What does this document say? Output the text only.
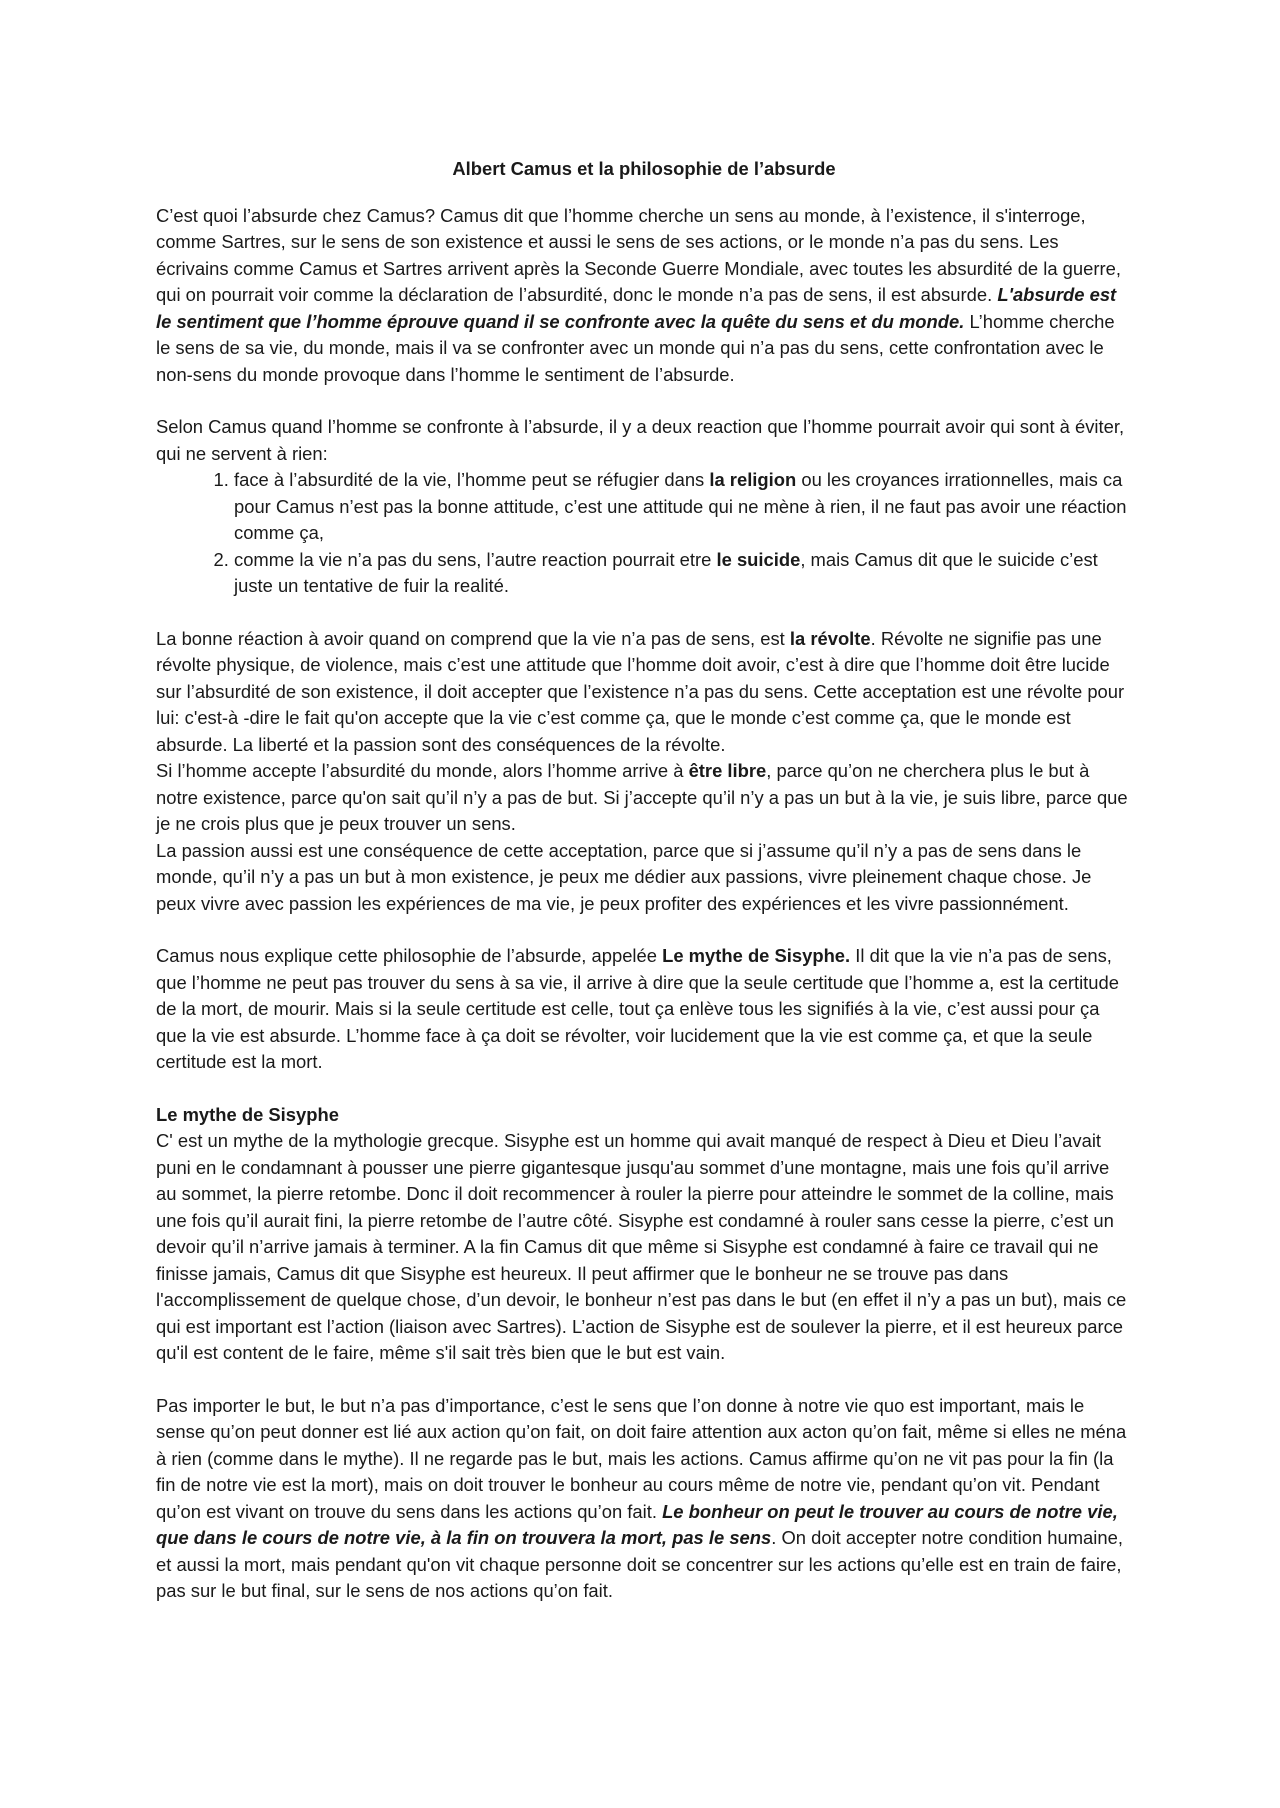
Albert Camus et la philosophie de l’absurde

C’est quoi l’absurde chez Camus? Camus dit que l’homme cherche un sens au monde, à l’existence, il s'interroge, comme Sartres, sur le sens de son existence et aussi le sens de ses actions, or le monde n’a pas du sens. Les écrivains comme Camus et Sartres arrivent après la Seconde Guerre Mondiale, avec toutes les absurdité de la guerre, qui on pourrait voir comme la déclaration de l’absurdité, donc le monde n’a pas de sens, il est absurde. L'absurde est le sentiment que l’homme éprouve quand il se confronte avec la quête du sens et du monde. L’homme cherche le sens de sa vie, du monde, mais il va se confronter avec un monde qui n’a pas du sens, cette confrontation avec le non-sens du monde provoque dans l’homme le sentiment de l’absurde.

Selon Camus quand l’homme se confronte à l’absurde, il y a deux reaction que l’homme pourrait avoir qui sont à éviter, qui ne servent à rien:

1. face à l’absurdité de la vie, l’homme peut se réfugier dans la religion ou les croyances irrationnelles, mais ca pour Camus n’est pas la bonne attitude, c’est une attitude qui ne mène à rien, il ne faut pas avoir une réaction comme ça,
2. comme la vie n’a pas du sens, l’autre reaction pourrait etre le suicide, mais Camus dit que le suicide c’est juste un tentative de fuir la realité.

La bonne réaction à avoir quand on comprend que la vie n’a pas de sens, est la révolte. Révolte ne signifie pas une révolte physique, de violence, mais c’est une attitude que l’homme doit avoir, c’est à dire que l’homme doit être lucide sur l’absurdité de son existence, il doit accepter que l’existence n’a pas du sens. Cette acceptation est une révolte pour lui: c'est-à -dire le fait qu'on accepte que la vie c’est comme ça, que le monde c’est comme ça, que le monde est absurde. La liberté et la passion sont des conséquences de la révolte.

Si l’homme accepte l’absurdité du monde, alors l’homme arrive à être libre, parce qu’on ne cherchera plus le but à notre existence, parce qu'on sait qu’il n’y a pas de but. Si j’accepte qu’il n’y a pas un but à la vie, je suis libre, parce que je ne crois plus que je peux trouver un sens.

La passion aussi est une conséquence de cette acceptation, parce que si j’assume qu’il n’y a pas de sens dans le monde, qu’il n’y a pas un but à mon existence, je peux me dédier aux passions, vivre pleinement chaque chose. Je peux vivre avec passion les expériences de ma vie, je peux profiter des expériences et les vivre passionnément.

Camus nous explique cette philosophie de l’absurde, appelée Le mythe de Sisyphe. Il dit que la vie n’a pas de sens, que l’homme ne peut pas trouver du sens à sa vie, il arrive à dire que la seule certitude que l’homme a, est la certitude de la mort, de mourir. Mais si la seule certitude est celle, tout ça enlève tous les signifiés à la vie, c’est aussi pour ça que la vie est absurde. L’homme face à ça doit se révolter, voir lucidement que la vie est comme ça, et que la seule certitude est la mort.

Le mythe de Sisyphe

C' est un mythe de la mythologie grecque. Sisyphe est un homme qui avait manqué de respect à Dieu et Dieu l’avait puni en le condamnant à pousser une pierre gigantesque jusqu'au sommet d’une montagne, mais une fois qu’il arrive au sommet, la pierre retombe. Donc il doit recommencer à rouler la pierre pour atteindre le sommet de la colline, mais une fois qu’il aurait fini, la pierre retombe de l’autre côté. Sisyphe est condamné à rouler sans cesse la pierre, c’est un devoir qu’il n’arrive jamais à terminer. A la fin Camus dit que même si Sisyphe est condamné à faire ce travail qui ne finisse jamais, Camus dit que Sisyphe est heureux. Il peut affirmer que le bonheur ne se trouve pas dans l'accomplissement de quelque chose, d’un devoir, le bonheur n’est pas dans le but (en effet il n’y a pas un but), mais ce qui est important est l’action (liaison avec Sartres). L’action de Sisyphe est de soulever la pierre, et il est heureux parce qu'il est content de le faire, même s'il sait très bien que le but est vain.

Pas importer le but, le but n’a pas d’importance, c’est le sens que l’on donne à notre vie quo est important, mais le sense qu’on peut donner est lié aux action qu’on fait, on doit faire attention aux acton qu’on fait, même si elles ne ména à rien (comme dans le mythe). Il ne regarde pas le but, mais les actions. Camus affirme qu’on ne vit pas pour la fin (la fin de notre vie est la mort), mais on doit trouver le bonheur au cours même de notre vie, pendant qu’on vit. Pendant qu’on est vivant on trouve du sens dans les actions qu’on fait. Le bonheur on peut le trouver au cours de notre vie, que dans le cours de notre vie, à la fin on trouvera la mort, pas le sens. On doit accepter notre condition humaine, et aussi la mort, mais pendant qu'on vit chaque personne doit se concentrer sur les actions qu’elle est en train de faire, pas sur le but final, sur le sens de nos actions qu’on fait.
